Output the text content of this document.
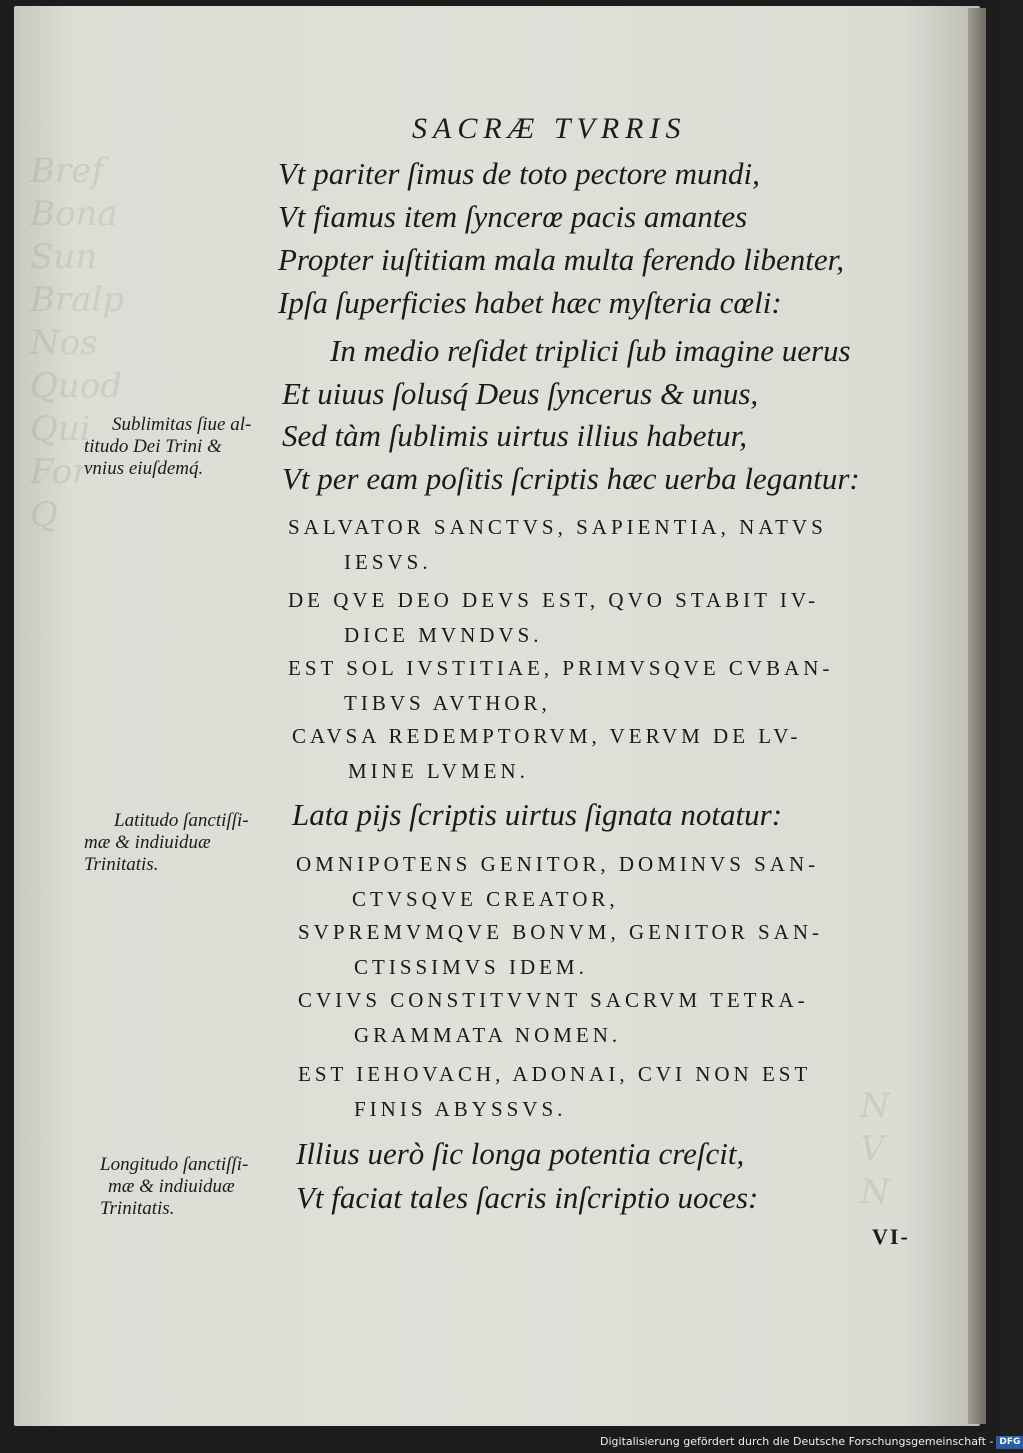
Bref
Bona
Sun
Bralp
Nos
Quod
Qui
For
Q
N
V
N
SACRÆ TVRRIS
Vt pariter ſimus de toto pectore mundi,
Vt fiamus item ſyncerœ pacis amantes
Propter iuſtitiam mala multa ferendo libenter,
Ipſa ſuperficies habet hæc myſteria cœli:
In medio reſidet triplici ſub imagine uerus
Et uiuus ſolusq́ Deus ſyncerus & unus,
Sed tàm ſublimis uirtus illius habetur,
Vt per eam poſitis ſcriptis hæc uerba legantur:
Sublimitas ſiue al-
titudo Dei Trini &
vnius eiuſdemq́.
SALVATOR SANCTVS, SAPIENTIA, NATVS
IESVS.
DE QVE DEO DEVS EST, QVO STABIT IV-
DICE MVNDVS.
EST SOL IVSTITIAE, PRIMVSQVE CVBAN-
TIBVS AVTHOR,
CAVSA REDEMPTORVM, VERVM DE LV-
MINE LVMEN.
Lata pijs ſcriptis uirtus ſignata notatur:
Latitudo ſanctiſſi-
mæ & indiuiduæ
Trinitatis.	OMNIPOTENS GENITOR, DOMINVS SAN-
CTVSQVE CREATOR,
SVPREMVMQVE BONVM, GENITOR SAN-
CTISSIMVS IDEM.
CVIVS CONSTITVVNT SACRVM TETRA-
GRAMMATA NOMEN.
EST IEHOVACH, ADONAI, CVI NON EST
FINIS ABYSSVS.
Illius uerò ſic longa potentia creſcit,
Vt faciat tales ſacris inſcriptio uoces:
Longitudo ſanctiſſi-
mæ & indiuiduæ
Trinitatis.
VI-
Digitalisierung gefördert durch die Deutsche Forschungsgemeinschaft - DFG
